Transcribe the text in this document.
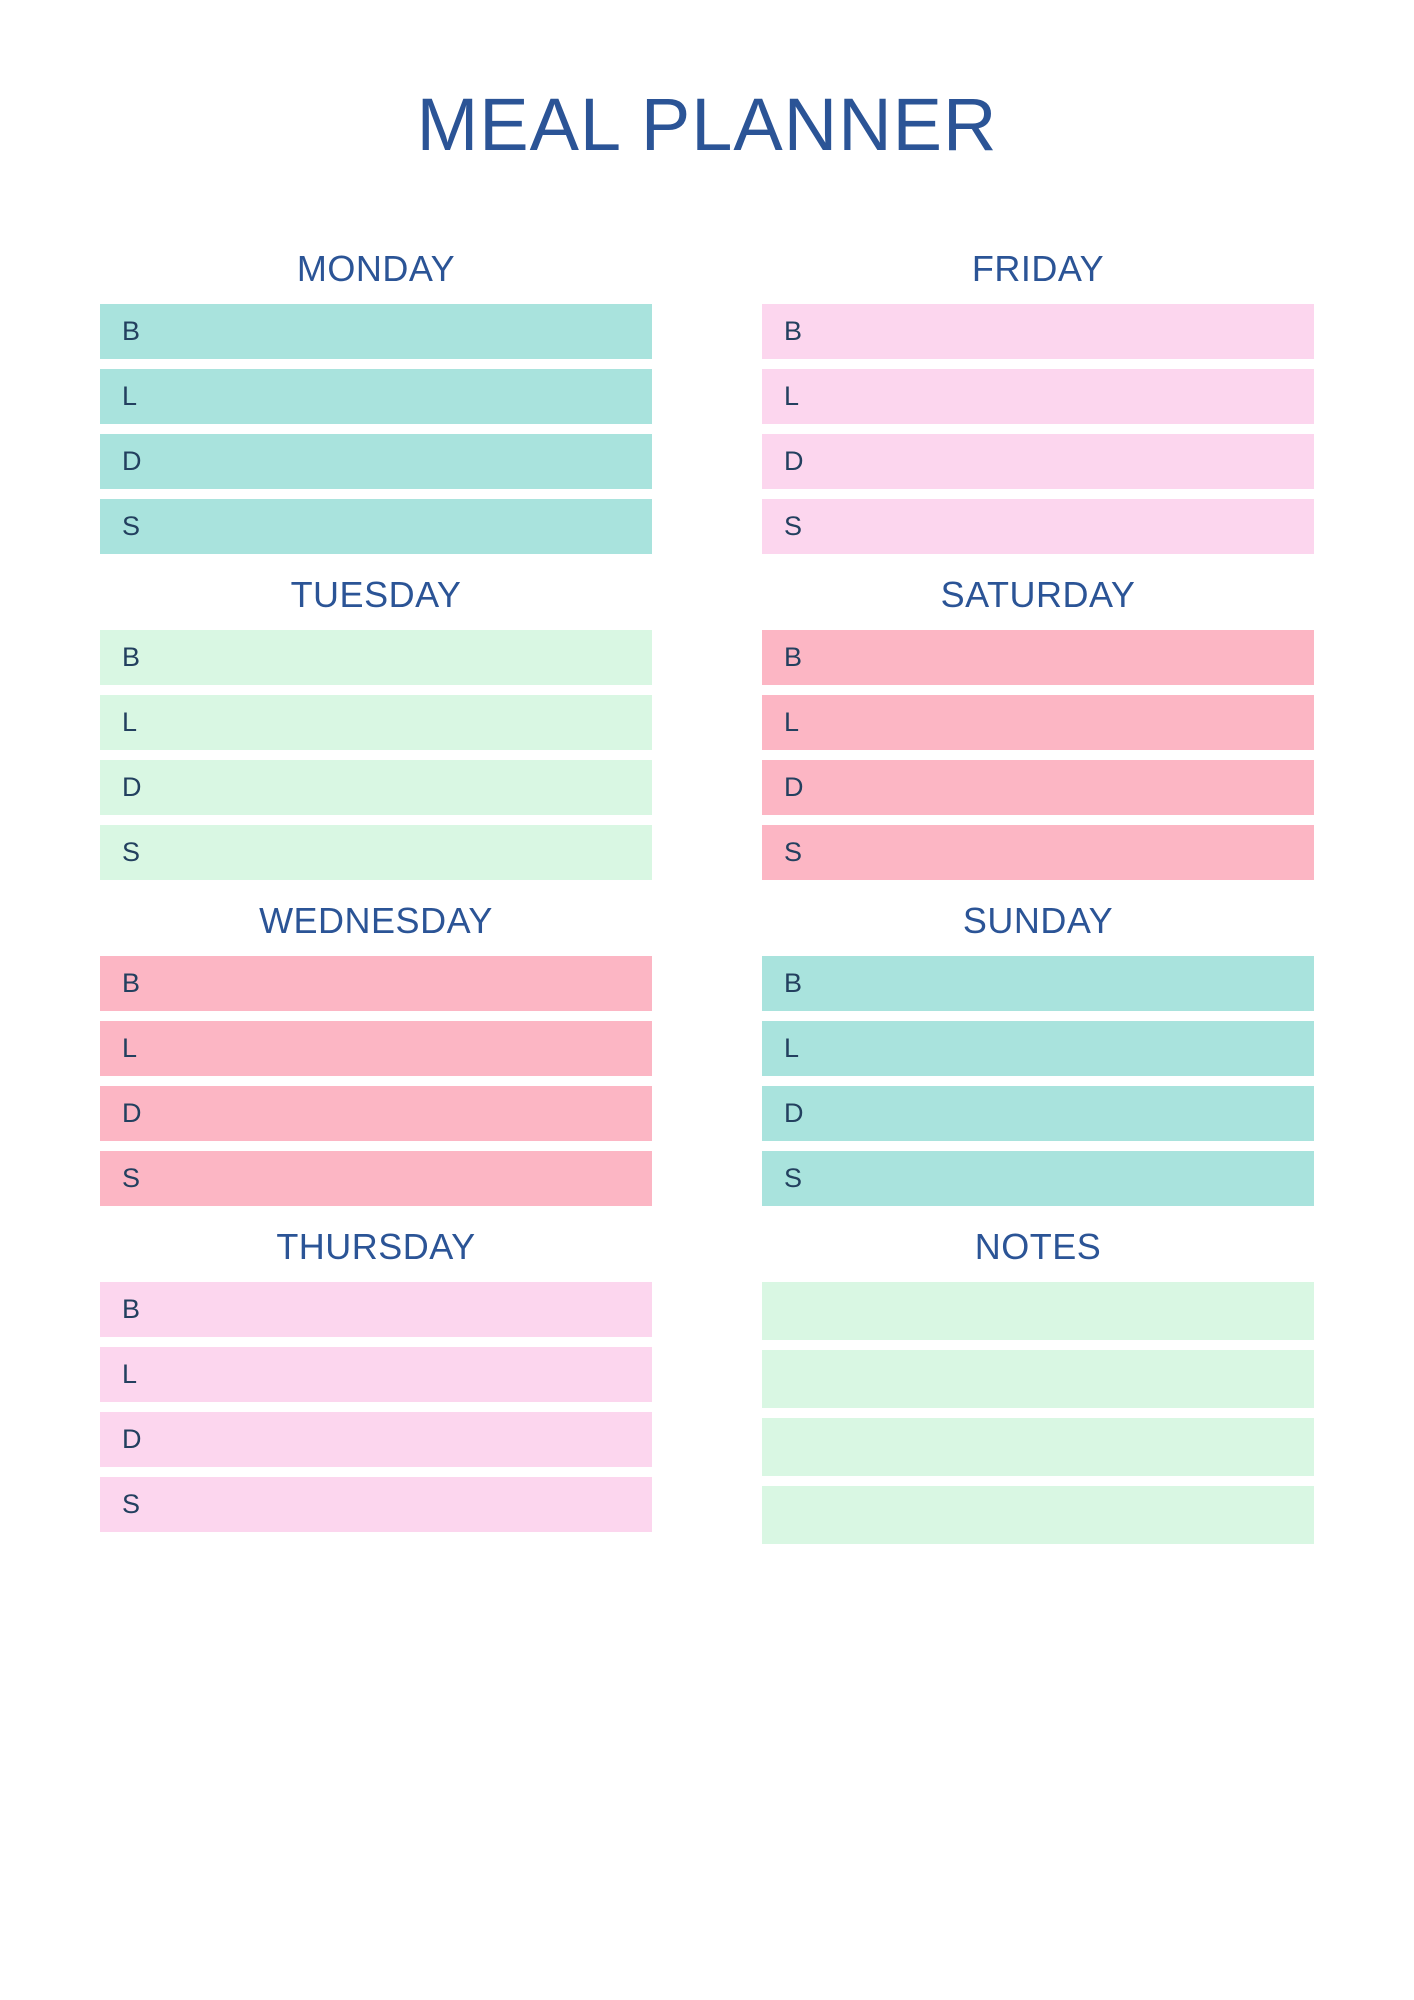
MEAL PLANNER
MONDAY
B
L
D
S
TUESDAY
B
L
D
S
WEDNESDAY
B
L
D
S
THURSDAY
B
L
D
S
FRIDAY
B
L
D
S
SATURDAY
B
L
D
S
SUNDAY
B
L
D
S
NOTES
